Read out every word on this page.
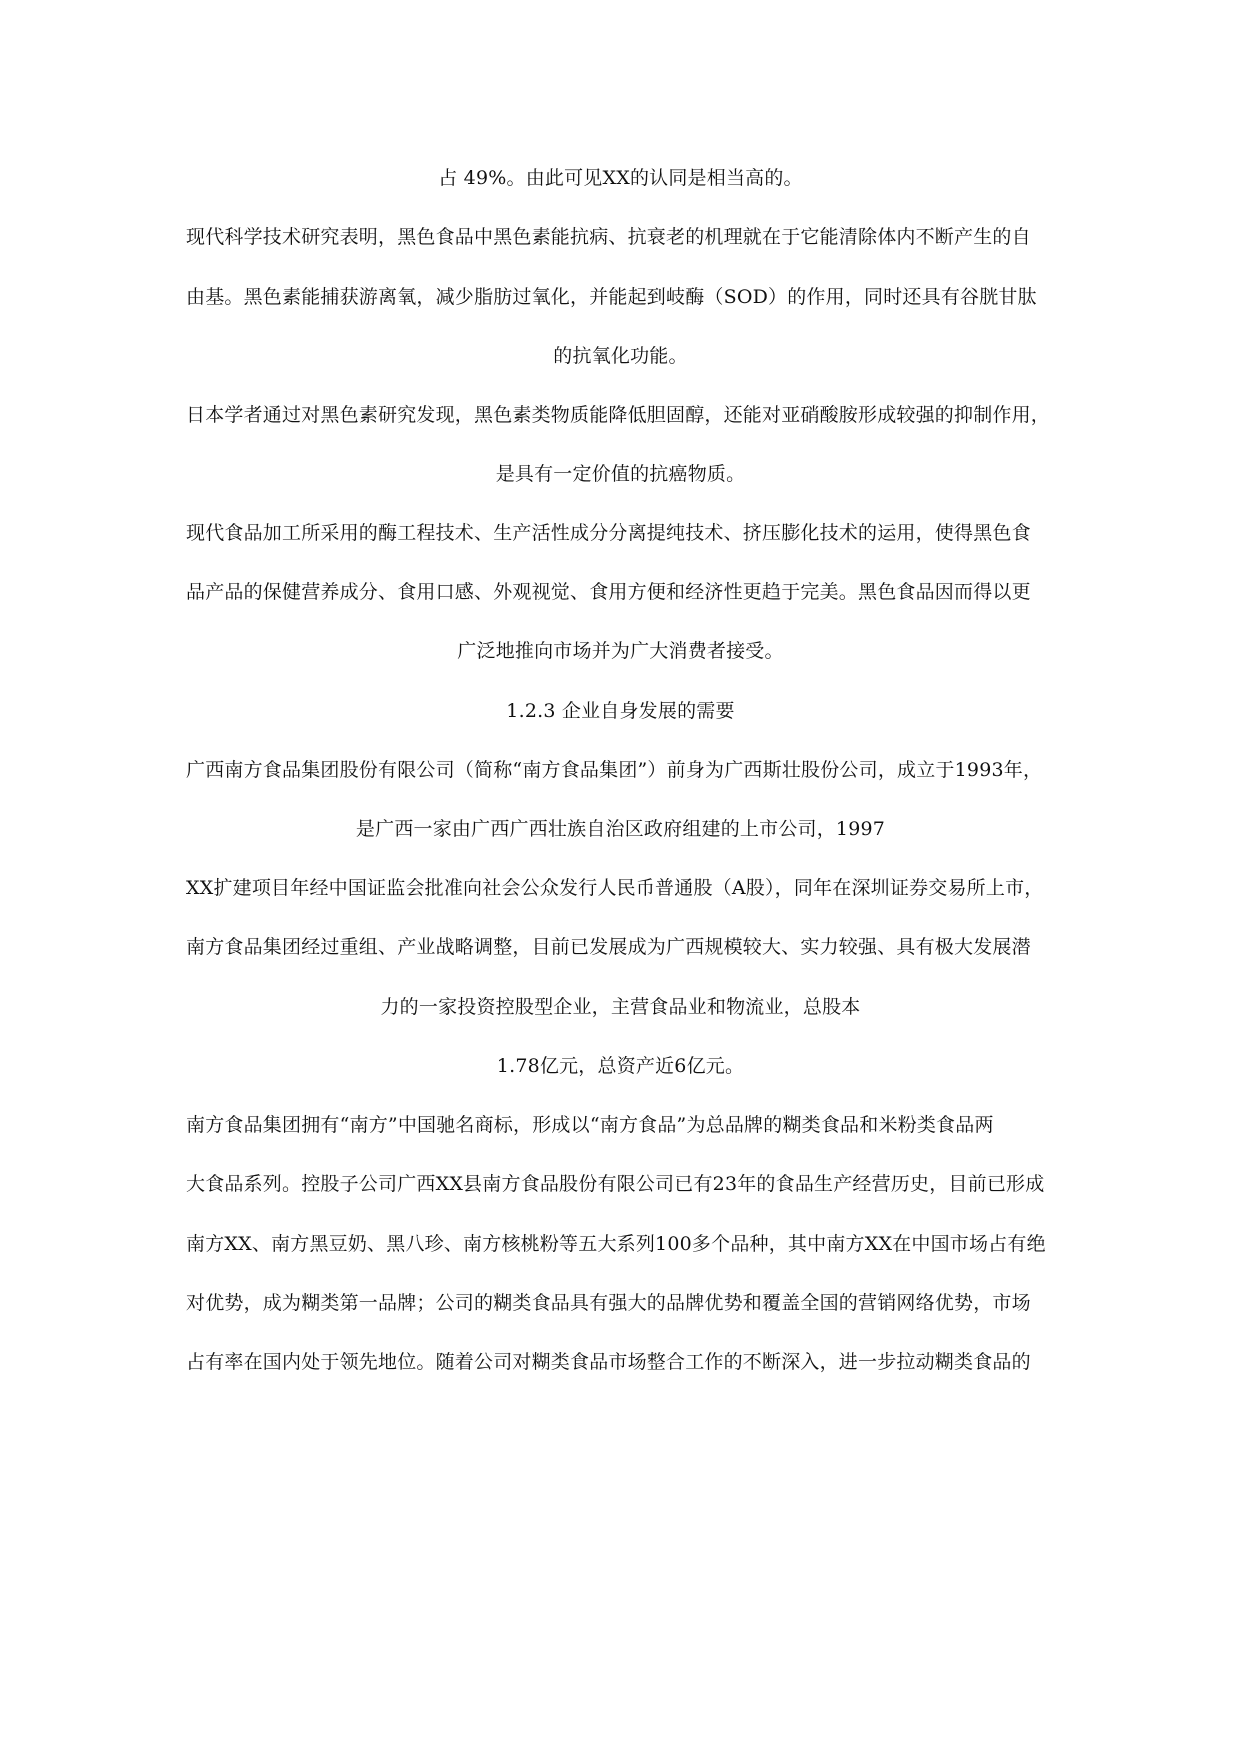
占 49%。由此可见XX的认同是相当高的。
现代科学技术研究表明，黑色食品中黑色素能抗病、抗衰老的机理就在于它能清除体内不断产生的自
由基。黑色素能捕获游离氧，减少脂肪过氧化，并能起到岐酶（SOD）的作用，同时还具有谷胱甘肽
的抗氧化功能。
日本学者通过对黑色素研究发现，黑色素类物质能降低胆固醇，还能对亚硝酸胺形成较强的抑制作用，
是具有一定价值的抗癌物质。
现代食品加工所采用的酶工程技术、生产活性成分分离提纯技术、挤压膨化技术的运用，使得黑色食
品产品的保健营养成分、食用口感、外观视觉、食用方便和经济性更趋于完美。黑色食品因而得以更
广泛地推向市场并为广大消费者接受。
1.2.3 企业自身发展的需要
广西南方食品集团股份有限公司（简称“南方食品集团”）前身为广西斯壮股份公司，成立于1993年，
是广西一家由广西广西壮族自治区政府组建的上市公司，1997
XX扩建项目年经中国证监会批准向社会公众发行人民币普通股（A股），同年在深圳证券交易所上市，
南方食品集团经过重组、产业战略调整，目前已发展成为广西规模较大、实力较强、具有极大发展潜
力的一家投资控股型企业，主营食品业和物流业，总股本
1.78亿元，总资产近6亿元。
南方食品集团拥有“南方”中国驰名商标，形成以“南方食品”为总品牌的糊类食品和米粉类食品两
大食品系列。控股子公司广西XX县南方食品股份有限公司已有23年的食品生产经营历史，目前已形成
南方XX、南方黑豆奶、黑八珍、南方核桃粉等五大系列100多个品种，其中南方XX在中国市场占有绝
对优势，成为糊类第一品牌；公司的糊类食品具有强大的品牌优势和覆盖全国的营销网络优势，市场
占有率在国内处于领先地位。随着公司对糊类食品市场整合工作的不断深入，进一步拉动糊类食品的
